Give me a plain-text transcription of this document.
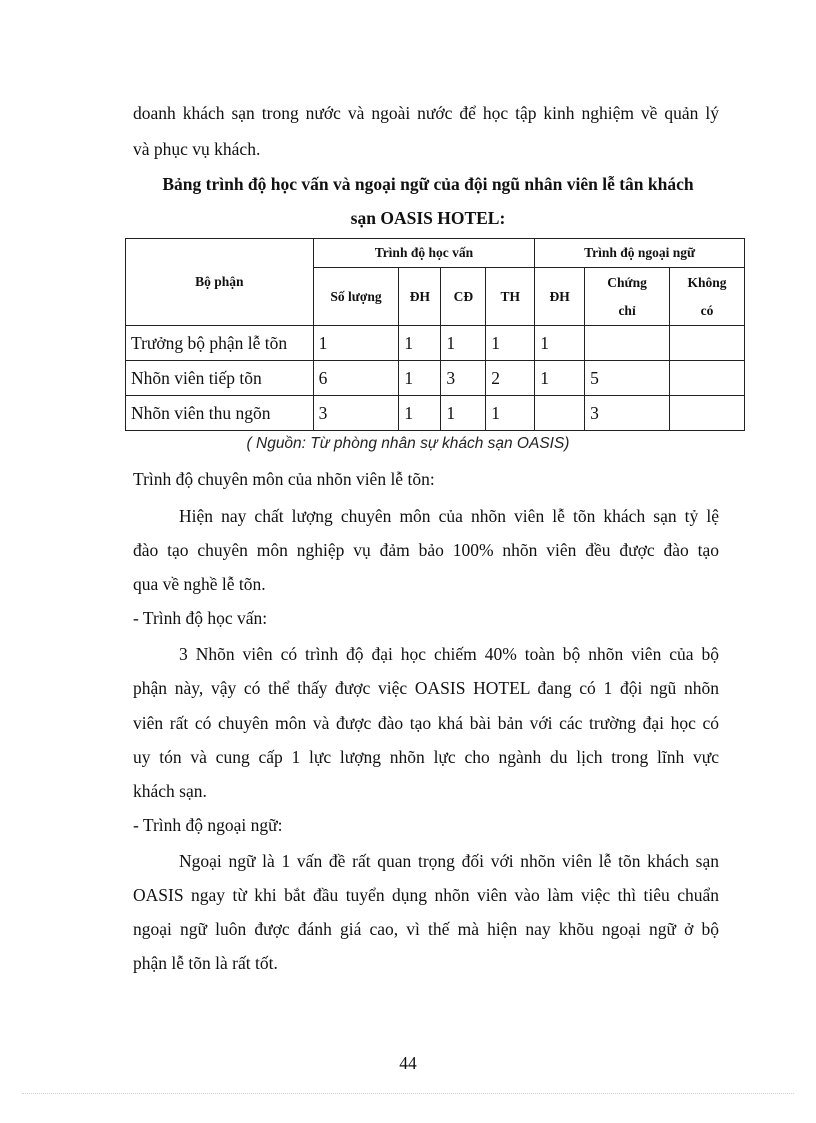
doanh khách sạn trong nước và ngoài nước để học tập kinh nghiệm về quản lý
và phục vụ khách.
Bảng trình độ học vấn và ngoại ngữ của đội ngũ nhân viên lễ tân khách
sạn OASIS HOTEL:
Bộ phận	Trình độ học vấn				Trình độ ngoại ngữ		
	Số lượng	ĐH	CĐ	TH	ĐH	Chứng
chỉ	Không
có
Trưởng bộ phận lễ tõn	1	1	1	1	1		
Nhõn viên tiếp tõn	6	1	3	2	1	5	
Nhõn viên thu ngõn	3	1	1	1		3	
( Nguồn: Từ phòng nhân sự khách sạn OASIS)
Trình độ chuyên môn của nhõn viên lễ tõn:
Hiện nay chất lượng chuyên môn của nhõn viên lễ tõn khách sạn tỷ lệ
đào tạo chuyên môn nghiệp vụ đảm bảo 100% nhõn viên đều được đào tạo
qua về nghề lễ tõn.
- Trình độ học vấn:
3 Nhõn viên có trình độ đại học chiếm 40% toàn bộ nhõn viên của bộ
phận này, vậy có thể thấy được việc OASIS HOTEL đang có 1 đội ngũ nhõn
viên rất có chuyên môn và được đào tạo khá bài bản với các trường đại học có
uy tón và cung cấp 1 lực lượng nhõn lực cho ngành du lịch trong lĩnh vực
khách sạn.
- Trình độ ngoại ngữ:
Ngoại ngữ là 1 vấn đề rất quan trọng đối với nhõn viên lễ tõn khách sạn
OASIS ngay từ khi bắt đầu tuyển dụng nhõn viên vào làm việc thì tiêu chuẩn
ngoại ngữ luôn được đánh giá cao, vì thế mà hiện nay khõu ngoại ngữ ở bộ
phận lễ tõn là rất tốt.
44
